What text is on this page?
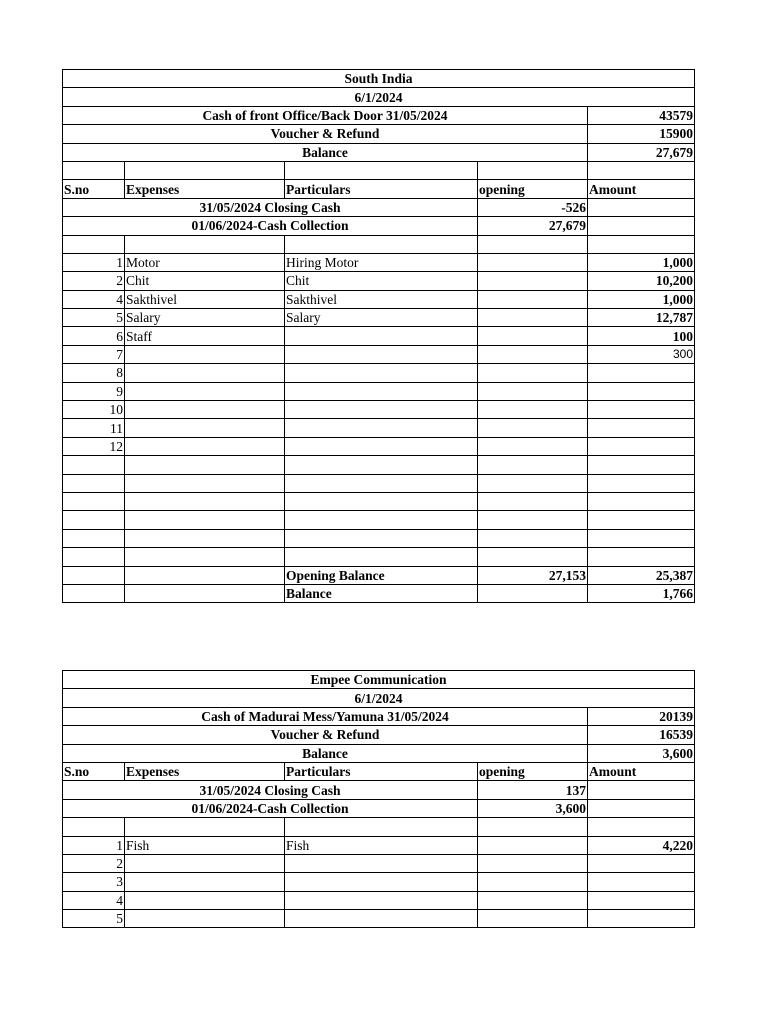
South India				
6/1/2024				
Cash of front Office/Back Door 31/05/2024				43579
Voucher & Refund				15900
Balance				27,679

S.no	Expenses	Particulars	opening	Amount
31/05/2024 Closing Cash			-526	
01/06/2024-Cash Collection			27,679	

1	Motor	Hiring Motor		1,000
2	Chit	Chit		10,200
4	Sakthivel	Sakthivel		1,000
5	Salary	Salary		12,787
6	Staff			100
7				300
8				
9				
10				
11				
12				

		Opening Balance	27,153	25,387
		Balance		1,766
Empee Communication				
6/1/2024				
Cash of Madurai Mess/Yamuna 31/05/2024				20139
Voucher & Refund				16539
Balance				3,600
S.no	Expenses	Particulars	opening	Amount
31/05/2024 Closing Cash			137	
01/06/2024-Cash Collection			3,600	

1	Fish	Fish		4,220
2				
3				
4				
5				
